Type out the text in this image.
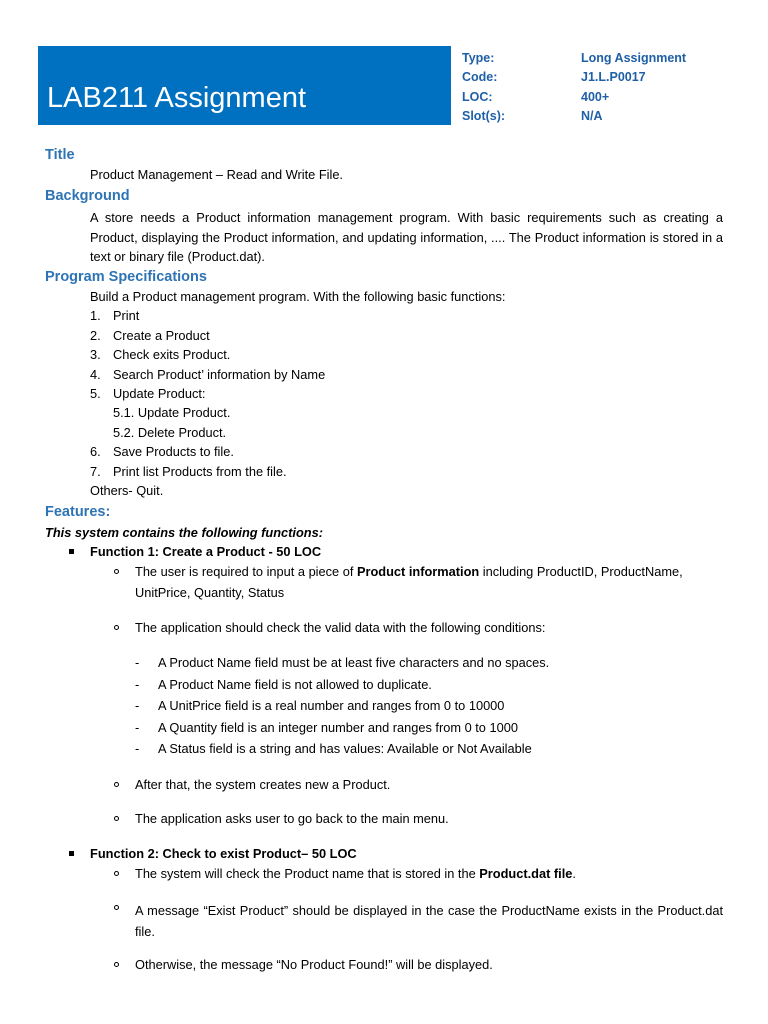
LAB211 Assignment
Type:
Code:
LOC:
Slot(s):
Long Assignment
J1.L.P0017
400+
N/A
Title
Product Management – Read and Write File.
Background
A store needs a Product information management program. With basic requirements such as creating a Product, displaying the Product information, and updating information, .... The Product information is stored in a text or binary file (Product.dat).
Program Specifications
Build a Product management program. With the following basic functions:
1. Print
2. Create a Product
3. Check exits Product.
4. Search Product’ information by Name
5. Update Product:
5.1. Update Product.
5.2. Delete Product.
6. Save Products to file.
7. Print list Products from the file.
Others- Quit.
Features:
This system contains the following functions:
Function 1: Create a Product - 50 LOC
The user is required to input a piece of Product information including ProductID, ProductName,
UnitPrice, Quantity, Status
The application should check the valid data with the following conditions:
- A Product Name field must be at least five characters and no spaces.
- A Product Name field is not allowed to duplicate.
- A UnitPrice field is a real number and ranges from 0 to 10000
- A Quantity field is an integer number and ranges from 0 to 1000
- A Status field is a string and has values: Available or Not Available
After that, the system creates new a Product.
The application asks user to go back to the main menu.
Function 2: Check to exist Product– 50 LOC
The system will check the Product name that is stored in the Product.dat file.
A message “Exist Product” should be displayed in the case the ProductName exists in the Product.dat file.
Otherwise, the message “No Product Found!” will be displayed.
